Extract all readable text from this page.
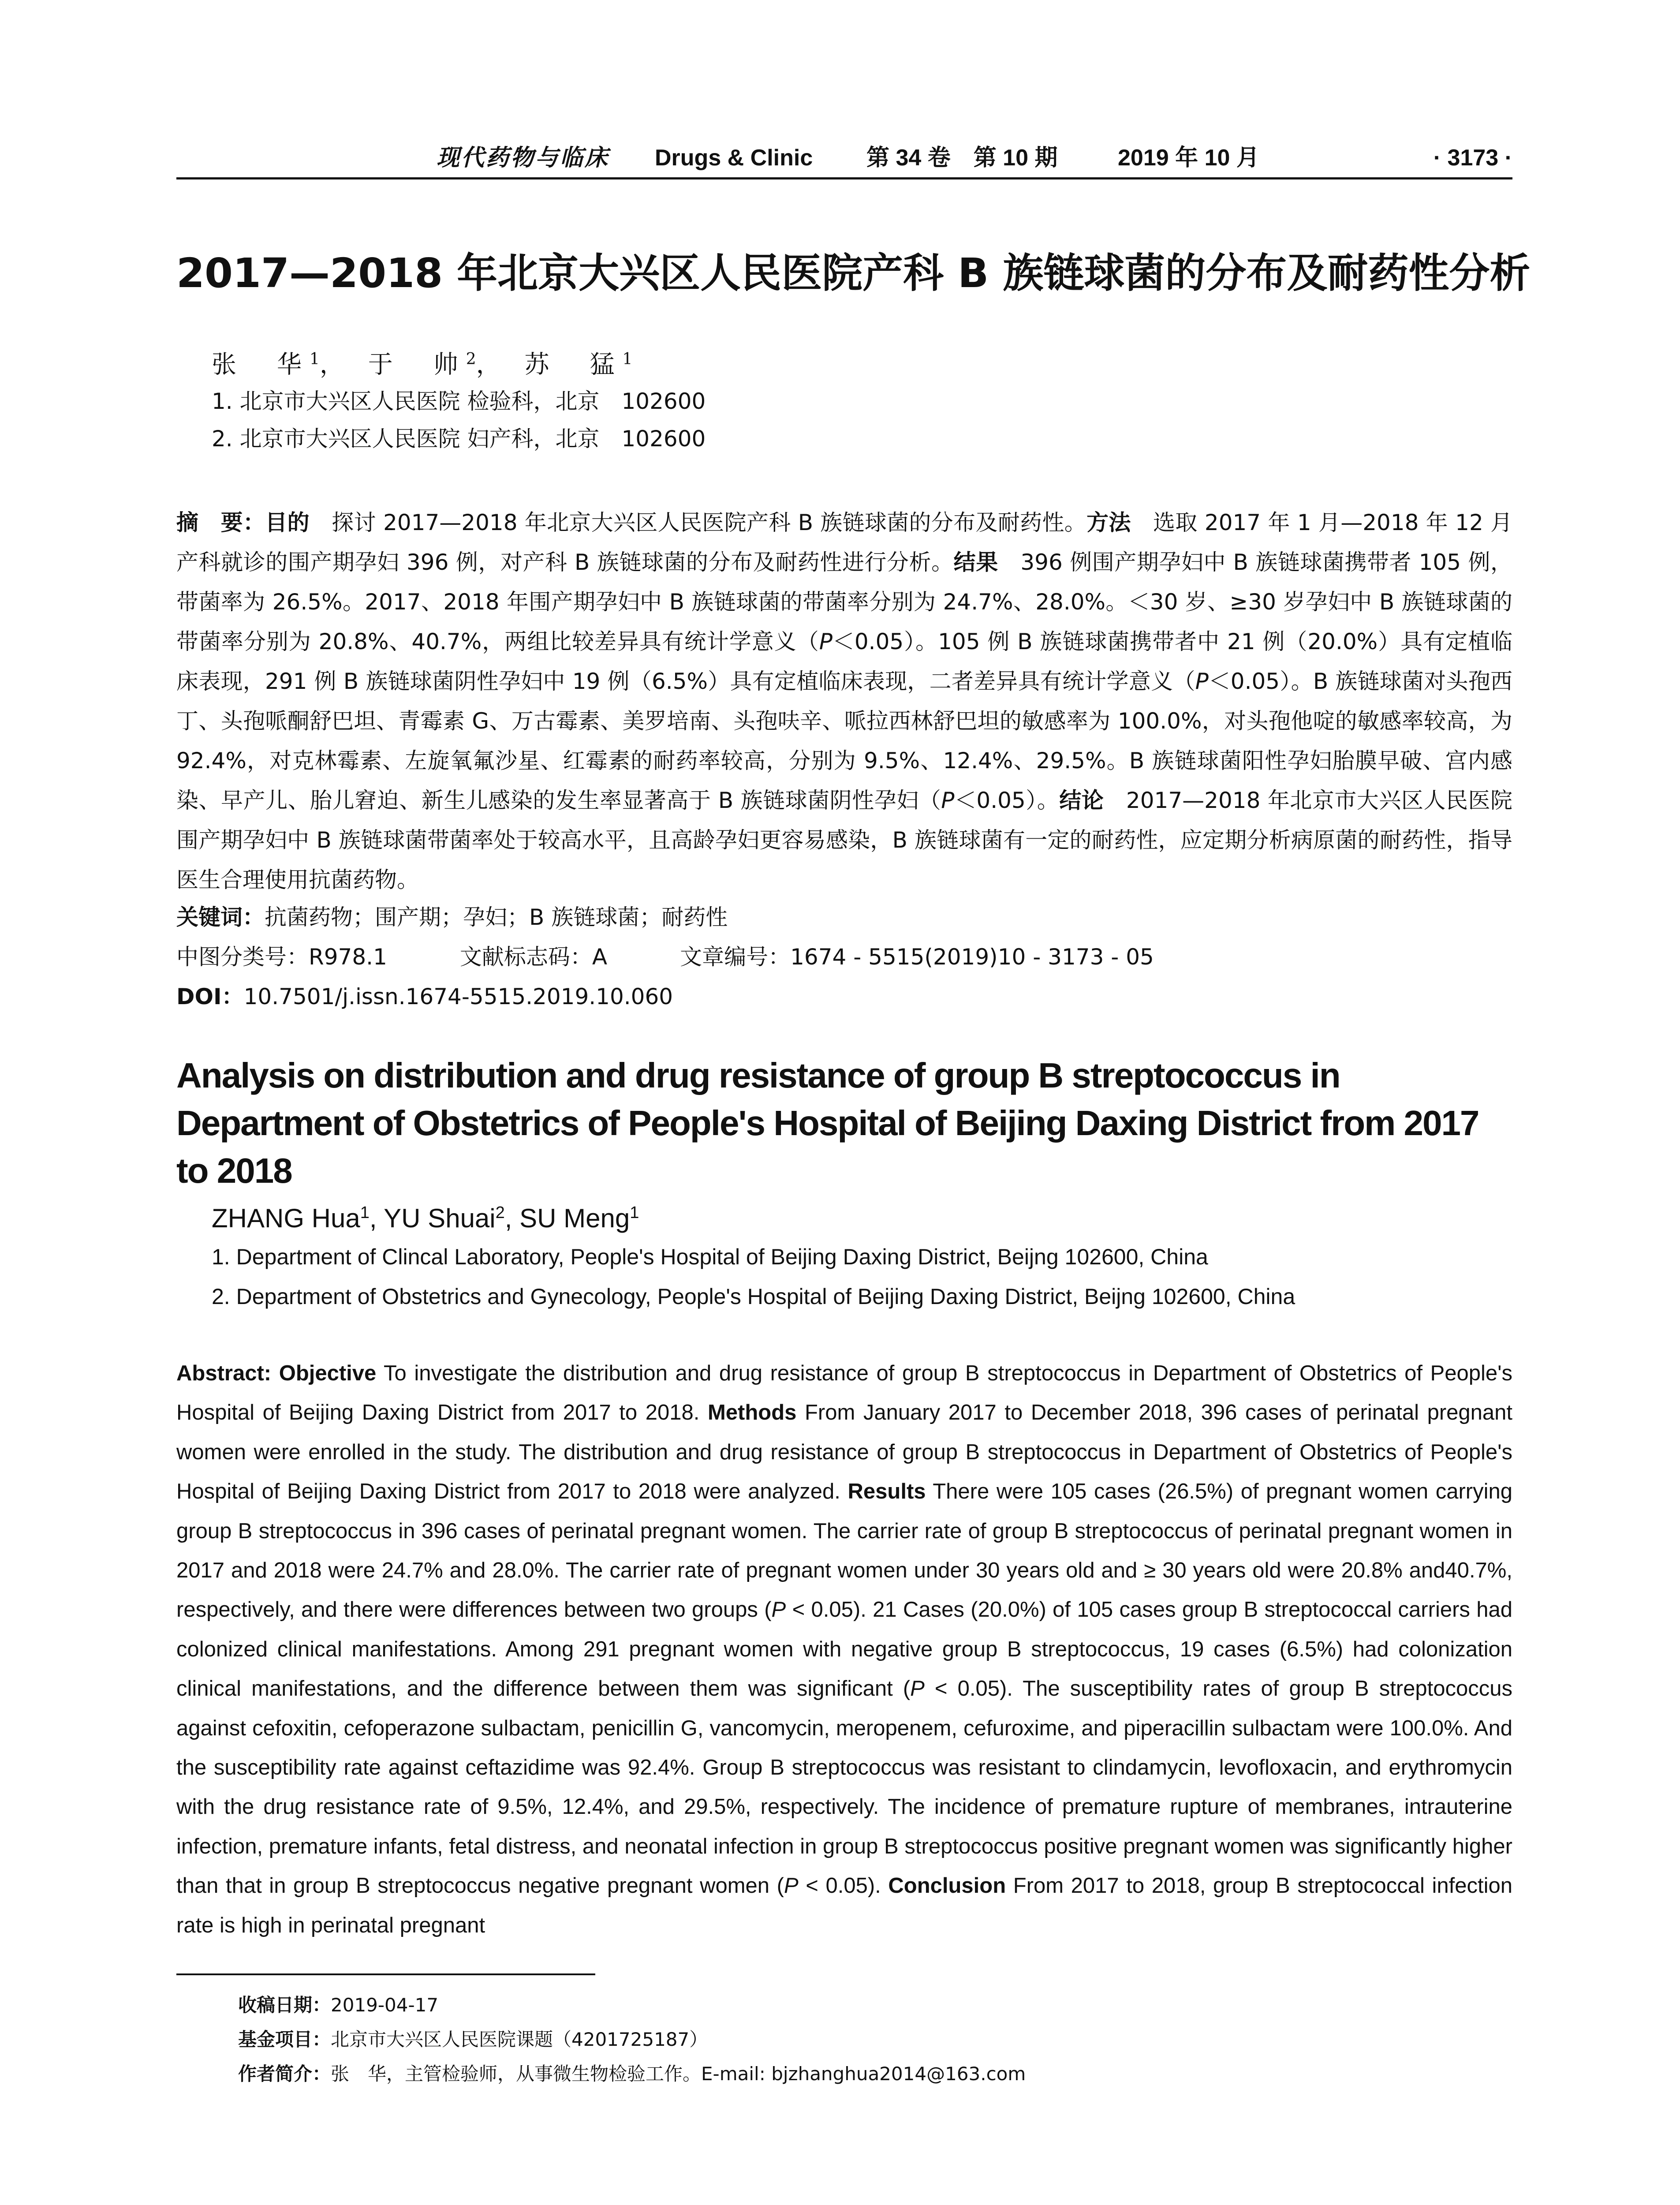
现代药物与临床 Drugs & Clinic 第 34 卷　第 10 期	2019 年 10 月	· 3173 ·
2017—2018 年北京大兴区人民医院产科 B 族链球菌的分布及耐药性分析
张　华$^1$， 于　帅$^2$， 苏　猛$^1$
1. 北京市大兴区人民医院 检验科，北京　102600
2. 北京市大兴区人民医院 妇产科，北京　102600
摘　要：目的　探讨 2017—2018 年北京大兴区人民医院产科 B 族链球菌的分布及耐药性。方法　选取 2017 年 1 月—2018 年 12 月产科就诊的围产期孕妇 396 例，对产科 B 族链球菌的分布及耐药性进行分析。结果　396 例围产期孕妇中 B 族链球菌携带者 105 例，带菌率为 26.5%。2017、2018 年围产期孕妇中 B 族链球菌的带菌率分别为 24.7%、28.0%。＜30 岁、≥30 岁孕妇中 B 族链球菌的带菌率分别为 20.8%、40.7%，两组比较差异具有统计学意义（P＜0.05）。105 例 B 族链球菌携带者中 21 例（20.0%）具有定植临床表现，291 例 B 族链球菌阴性孕妇中 19 例（6.5%）具有定植临床表现，二者差异具有统计学意义（P＜0.05）。B 族链球菌对头孢西丁、头孢哌酮舒巴坦、青霉素 G、万古霉素、美罗培南、头孢呋辛、哌拉西林舒巴坦的敏感率为 100.0%，对头孢他啶的敏感率较高，为 92.4%，对克林霉素、左旋氧氟沙星、红霉素的耐药率较高，分别为 9.5%、12.4%、29.5%。B 族链球菌阳性孕妇胎膜早破、宫内感染、早产儿、胎儿窘迫、新生儿感染的发生率显著高于 B 族链球菌阴性孕妇（P＜0.05）。结论　2017—2018 年北京市大兴区人民医院围产期孕妇中 B 族链球菌带菌率处于较高水平，且高龄孕妇更容易感染，B 族链球菌有一定的耐药性，应定期分析病原菌的耐药性，指导医生合理使用抗菌药物。
关键词：抗菌药物；围产期；孕妇；B 族链球菌；耐药性
中图分类号：R978.1	文献标志码：A	文章编号：1674 - 5515(2019)10 - 3173 - 05
DOI：10.7501/j.issn.1674-5515.2019.10.060
Analysis on distribution and drug resistance of group B streptococcus in Department of Obstetrics of People's Hospital of Beijing Daxing District from 2017 to 2018
ZHANG Hua$^1$, YU Shuai$^2$, SU Meng$^1$
1. Department of Clincal Laboratory, People's Hospital of Beijing Daxing District, Beijng 102600, China
2. Department of Obstetrics and Gynecology, People's Hospital of Beijing Daxing District, Beijng 102600, China
Abstract: Objective To investigate the distribution and drug resistance of group B streptococcus in Department of Obstetrics of People's Hospital of Beijing Daxing District from 2017 to 2018. Methods From January 2017 to December 2018, 396 cases of perinatal pregnant women were enrolled in the study. The distribution and drug resistance of group B streptococcus in Department of Obstetrics of People's Hospital of Beijing Daxing District from 2017 to 2018 were analyzed. Results There were 105 cases (26.5%) of pregnant women carrying group B streptococcus in 396 cases of perinatal pregnant women. The carrier rate of group B streptococcus of perinatal pregnant women in 2017 and 2018 were 24.7% and 28.0%. The carrier rate of pregnant women under 30 years old and ≥ 30 years old were 20.8% and40.7%, respectively, and there were differences between two groups (P < 0.05). 21 Cases (20.0%) of 105 cases group B streptococcal carriers had colonized clinical manifestations. Among 291 pregnant women with negative group B streptococcus, 19 cases (6.5%) had colonization clinical manifestations, and the difference between them was significant (P < 0.05). The susceptibility rates of group B streptococcus against cefoxitin, cefoperazone sulbactam, penicillin G, vancomycin, meropenem, cefuroxime, and piperacillin sulbactam were 100.0%. And the susceptibility rate against ceftazidime was 92.4%. Group B streptococcus was resistant to clindamycin, levofloxacin, and erythromycin with the drug resistance rate of 9.5%, 12.4%, and 29.5%, respectively. The incidence of premature rupture of membranes, intrauterine infection, premature infants, fetal distress, and neonatal infection in group B streptococcus positive pregnant women was significantly higher than that in group B streptococcus negative pregnant women (P < 0.05). Conclusion From 2017 to 2018, group B streptococcal infection rate is high in perinatal pregnant
收稿日期：2019-04-17
基金项目：北京市大兴区人民医院课题（4201725187）
作者简介：张　华，主管检验师，从事微生物检验工作。E-mail: bjzhanghua2014@163.com
